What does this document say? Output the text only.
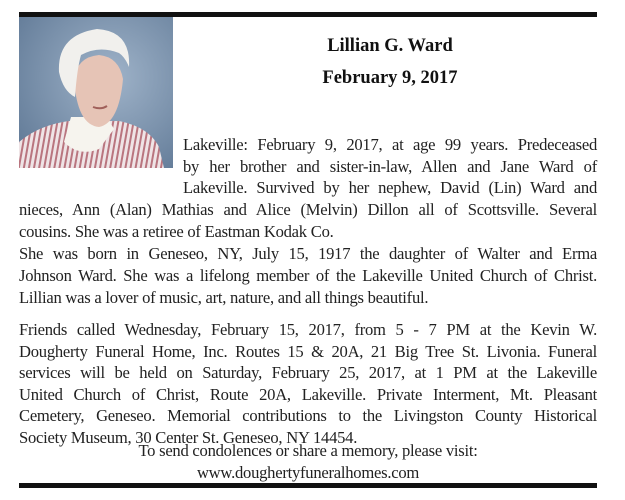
Lillian G. Ward
February 9, 2017
Lakeville: February 9, 2017, at age 99 years. Predeceased
by her brother and sister-in-law, Allen and Jane Ward of
Lakeville. Survived by her nephew, David (Lin) Ward and
nieces, Ann (Alan) Mathias and Alice (Melvin) Dillon all of Scottsville. Several
cousins. She was a retiree of Eastman Kodak Co.
She was born in Geneseo, NY, July 15, 1917 the daughter of Walter and Erma
Johnson Ward. She was a lifelong member of the Lakeville United Church of Christ.
Lillian was a lover of music, art, nature, and all things beautiful.
Friends called Wednesday, February 15, 2017, from 5 - 7 PM at the Kevin W.
Dougherty Funeral Home, Inc. Routes 15 & 20A, 21 Big Tree St. Livonia. Funeral
services will be held on Saturday, February 25, 2017, at 1 PM at the Lakeville
United Church of Christ, Route 20A, Lakeville. Private Interment, Mt. Pleasant
Cemetery, Geneseo. Memorial contributions to the Livingston County Historical
Society Museum, 30 Center St. Geneseo, NY 14454.
To send condolences or share a memory, please visit:
www.doughertyfuneralhomes.com
